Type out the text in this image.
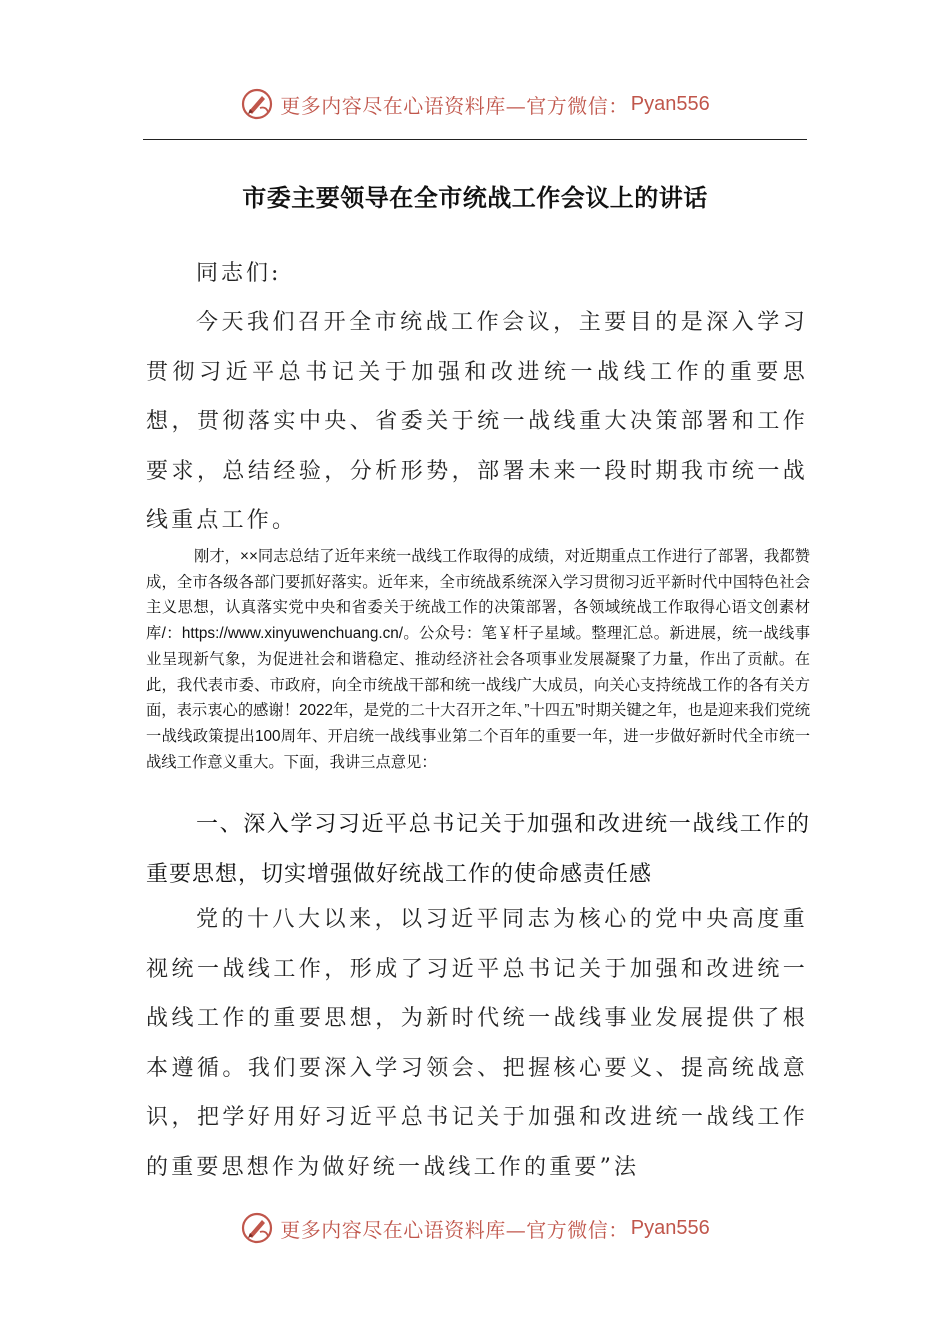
更多内容尽在心语资料库—官方微信： Pyan556
市委主要领导在全市统战工作会议上的讲话
同志们:

今天我们召开全市统战工作会议，主要目的是深入学习贯彻习近平总书记关于加强和改进统一战线工作的重要思想，贯彻落实中央、省委关于统一战线重大决策部署和工作要求，总结经验，分析形势，部署未来一段时期我市统一战线重点工作。

刚才，××同志总结了近年来统一战线工作取得的成绩，对近期重点工作进行了部署，我都赞成，全市各级各部门要抓好落实。近年来，全市统战系统深入学习贯彻习近平新时代中国特色社会主义思想，认真落实党中央和省委关于统战工作的决策部署，各领域统战工作取得心语文创素材库/：https://www.xinyuwenchuang.cn/。公众号：笔￥杆子星域。整理汇总。新进展，统一战线事业呈现新气象，为促进社会和谐稳定、推动经济社会各项事业发展凝聚了力量，作出了贡献。在此，我代表市委、市政府，向全市统战干部和统一战线广大成员，向关心支持统战工作的各有关方面，表示衷心的感谢！2022年，是党的二十大召开之年、”十四五”时期关键之年，也是迎来我们党统一战线政策提出100周年、开启统一战线事业第二个百年的重要一年，进一步做好新时代全市统一战线工作意义重大。下面，我讲三点意见：

一、深入学习习近平总书记关于加强和改进统一战线工作的重要思想，切实增强做好统战工作的使命感责任感

党的十八大以来，以习近平同志为核心的党中央高度重视统一战线工作，形成了习近平总书记关于加强和改进统一战线工作的重要思想，为新时代统一战线事业发展提供了根本遵循。我们要深入学习领会、把握核心要义、提高统战意识，把学好用好习近平总书记关于加强和改进统一战线工作的重要思想作为做好统一战线工作的重要”法

更多内容尽在心语资料库—官方微信： Pyan556
